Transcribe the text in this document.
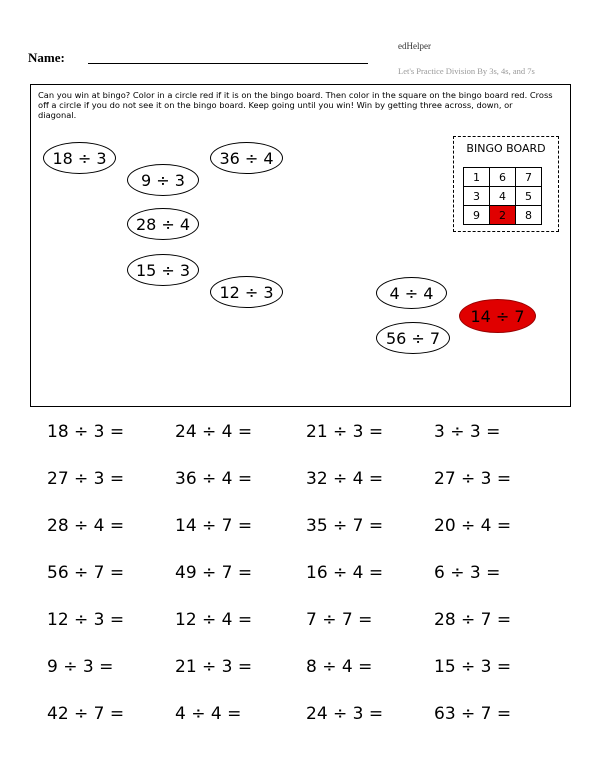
Name:
edHelper
Let's Practice Division By 3s, 4s, and 7s
Can you win at bingo? Color in a circle red if it is on the bingo board. Then color in the square on the bingo board red. Cross off a circle if you do not see it on the bingo board. Keep going until you win! Win by getting three across, down, or diagonal.
18 ÷ 3
9 ÷ 3
36 ÷ 4
28 ÷ 4
15 ÷ 3
12 ÷ 3	4 ÷ 4
14 ÷ 7
56 ÷ 7
BINGO BOARD
1	6	7
3	4	5
9	2	8
18 ÷ 3 =	24 ÷ 4 =	21 ÷ 3 =	3 ÷ 3 =
27 ÷ 3 =	36 ÷ 4 =	32 ÷ 4 =	27 ÷ 3 =
28 ÷ 4 =	14 ÷ 7 =	35 ÷ 7 =	20 ÷ 4 =
56 ÷ 7 =	49 ÷ 7 =	16 ÷ 4 =	6 ÷ 3 =
12 ÷ 3 =	12 ÷ 4 =	7 ÷ 7 =	28 ÷ 7 =
9 ÷ 3 =	21 ÷ 3 =	8 ÷ 4 =	15 ÷ 3 =
42 ÷ 7 =	4 ÷ 4 =	24 ÷ 3 =	63 ÷ 7 =
